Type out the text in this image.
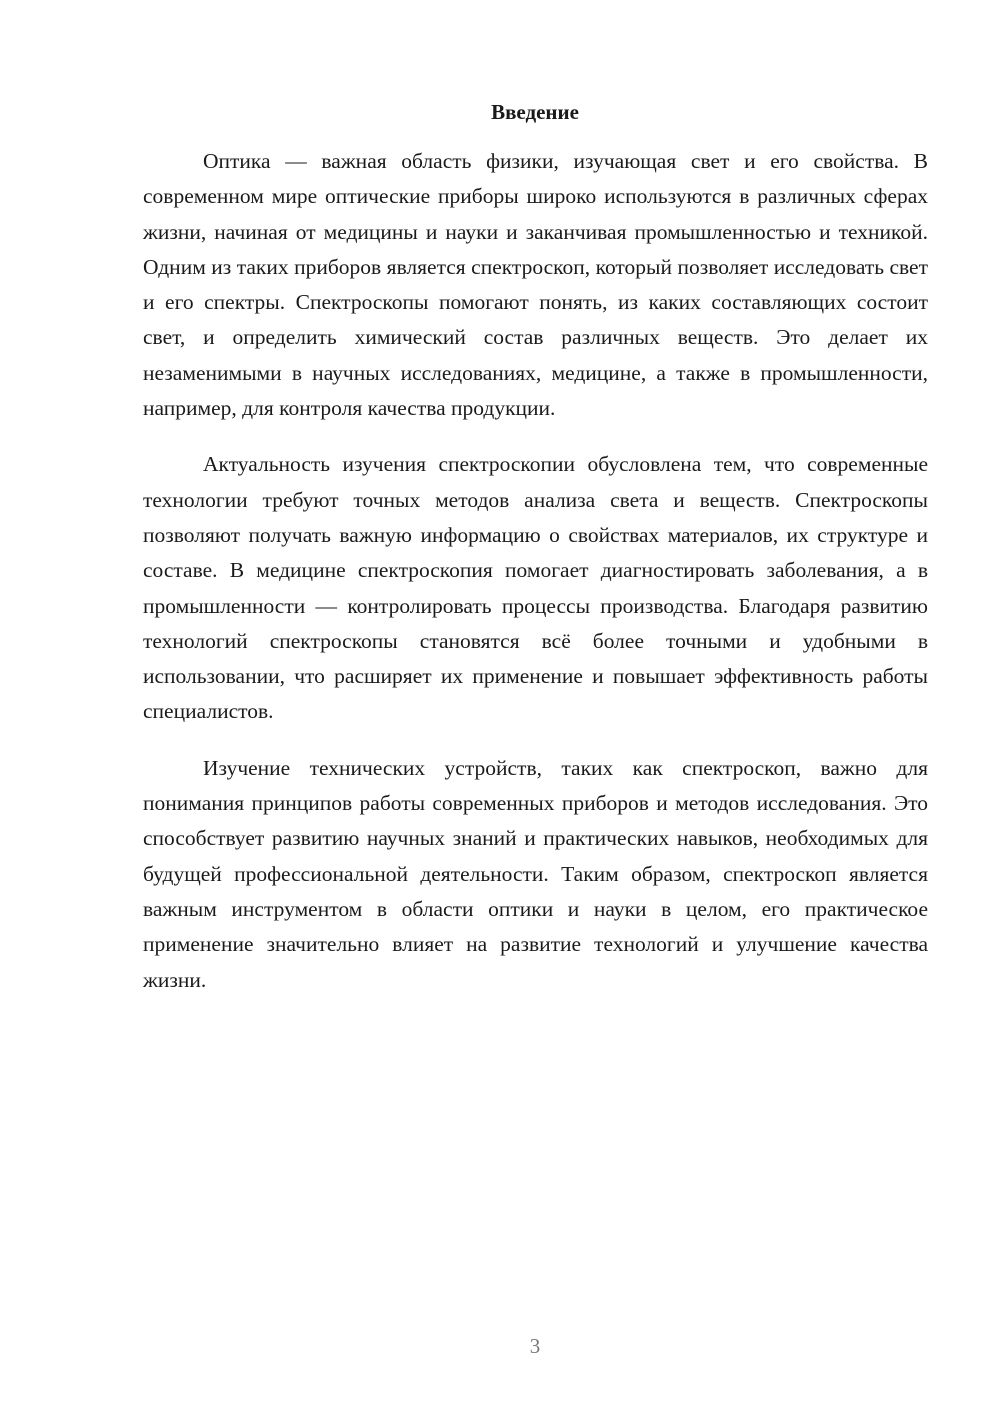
Введение

Оптика — важная область физики, изучающая свет и его свойства. В современном мире оптические приборы широко используются в различных сферах жизни, начиная от медицины и науки и заканчивая промышленностью и техникой. Одним из таких приборов является спектроскоп, который позволяет исследовать свет и его спектры. Спектроскопы помогают понять, из каких составляющих состоит свет, и определить химический состав различных веществ. Это делает их незаменимыми в научных исследованиях, медицине, а также в промышленности, например, для контроля качества продукции.

Актуальность изучения спектроскопии обусловлена тем, что современные технологии требуют точных методов анализа света и веществ. Спектроскопы позволяют получать важную информацию о свойствах материалов, их структуре и составе. В медицине спектроскопия помогает диагностировать заболевания, а в промышленности — контролировать процессы производства. Благодаря развитию технологий спектроскопы становятся всё более точными и удобными в использовании, что расширяет их применение и повышает эффективность работы специалистов.

Изучение технических устройств, таких как спектроскоп, важно для понимания принципов работы современных приборов и методов исследования. Это способствует развитию научных знаний и практических навыков, необходимых для будущей профессиональной деятельности. Таким образом, спектроскоп является важным инструментом в области оптики и науки в целом, его практическое применение значительно влияет на развитие технологий и улучшение качества жизни.

3
